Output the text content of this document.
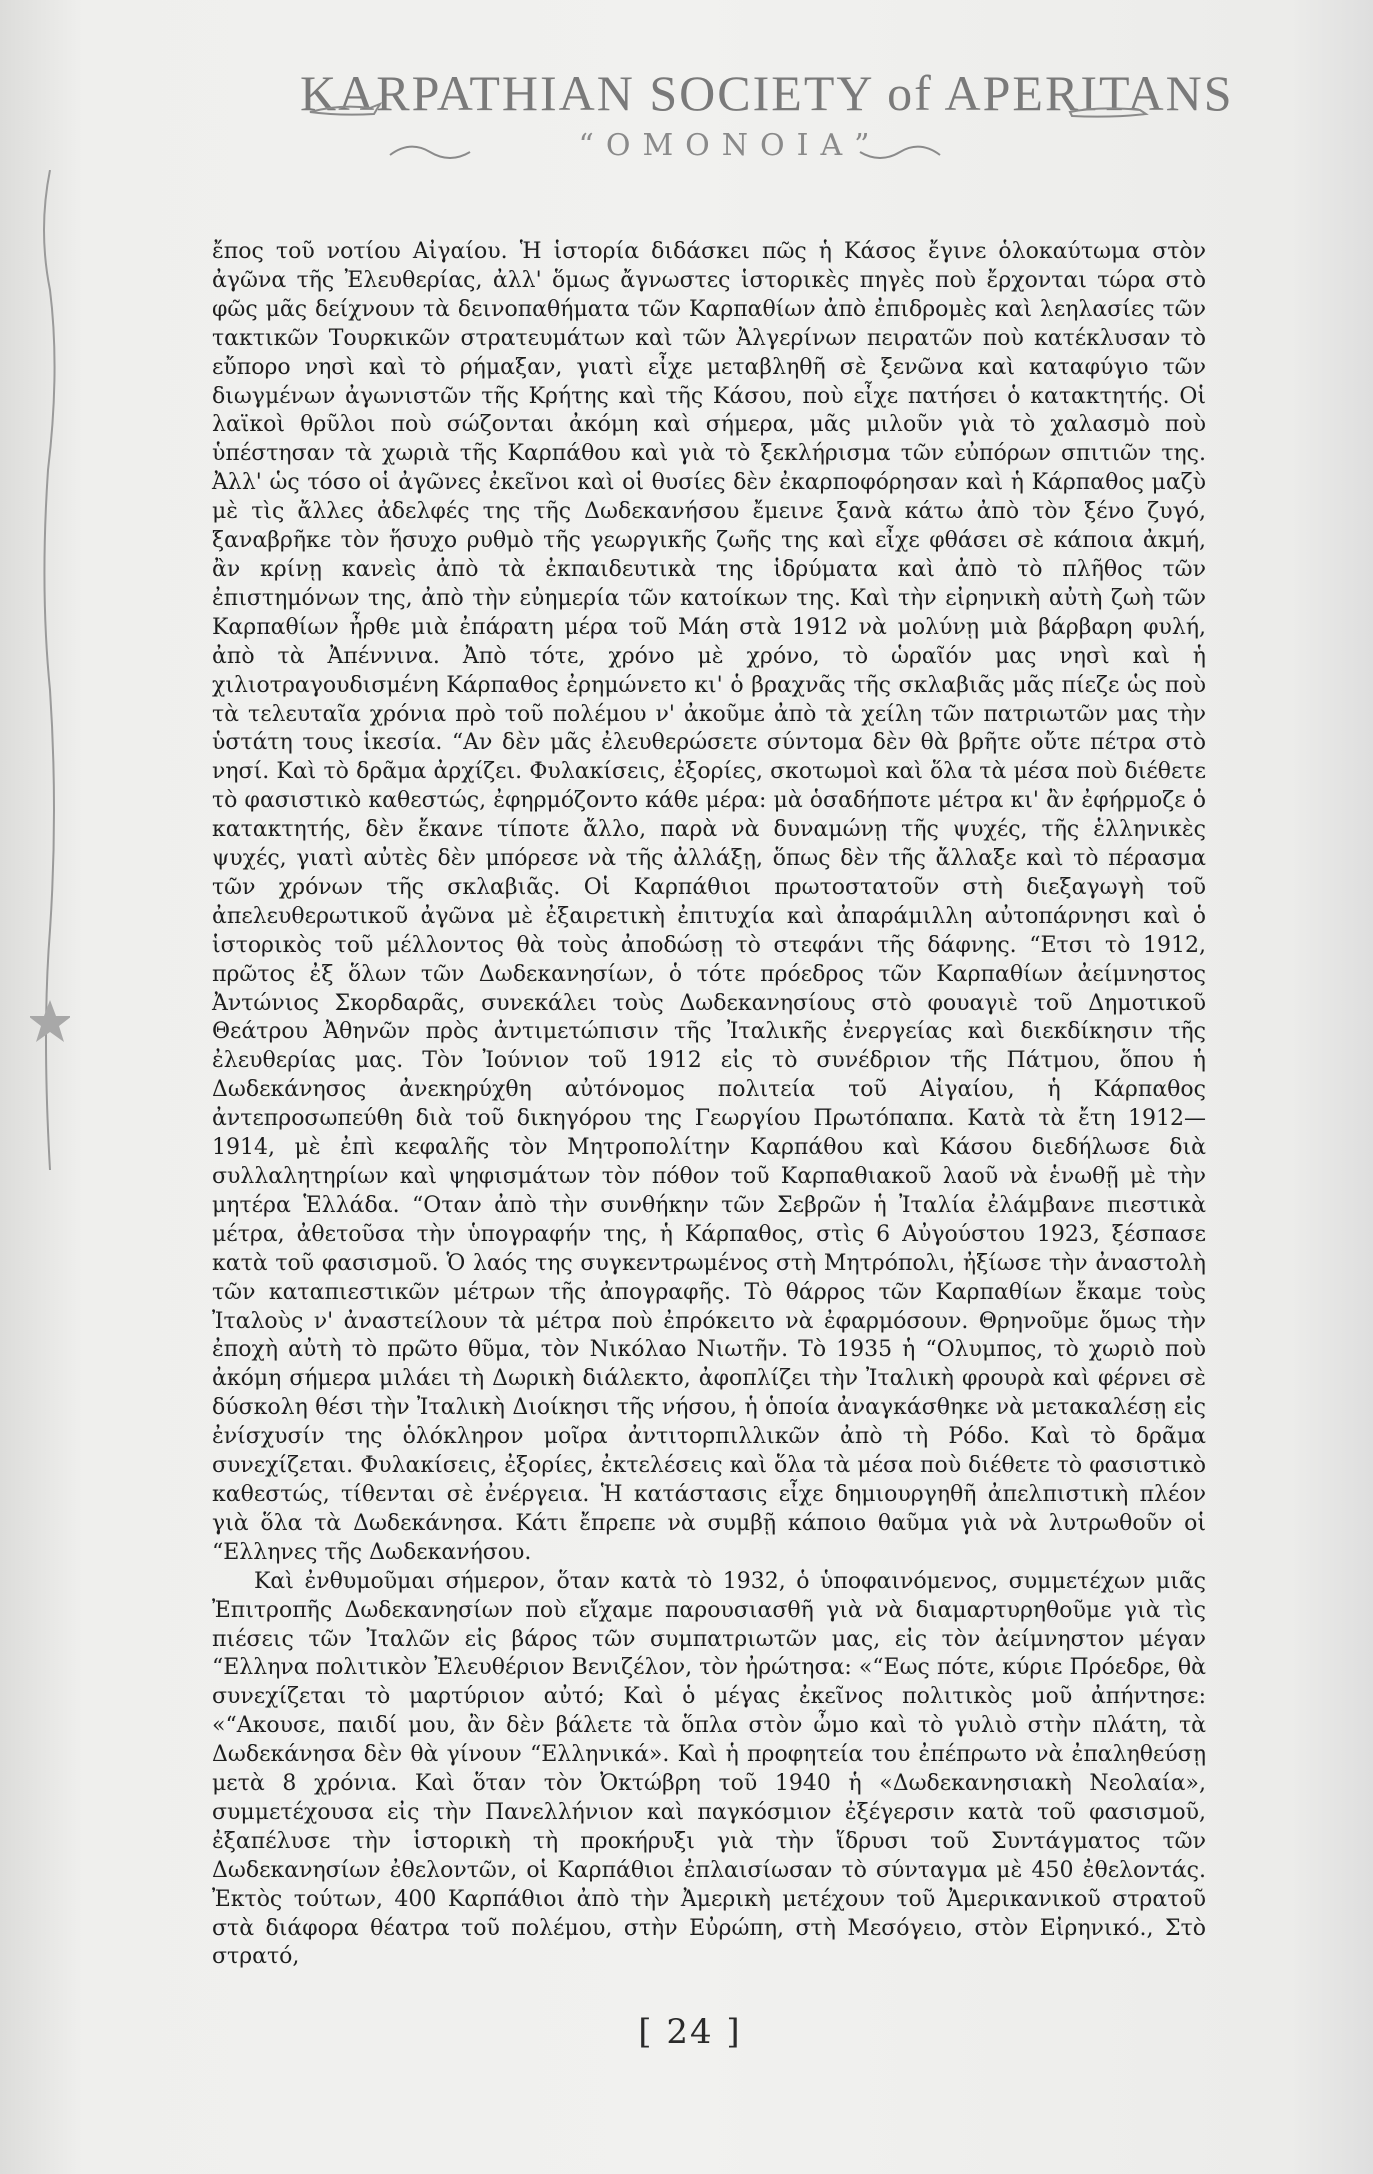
KARPATHIAN SOCIETY of APERITANS
“ΟΜΟΝΟΙΑ”

ἔπος τοῦ νοτίου Αἰγαίου. Ἡ ἱστορία διδάσκει πῶς ἡ Κάσος ἔγινε ὁλοκαύτωμα στὸν ἀγῶνα τῆς Ἐλευθερίας, ἀλλ' ὅμως ἄγνωστες ἱστορικὲς πηγὲς ποὺ ἔρχονται τώρα στὸ φῶς μᾶς δείχνουν τὰ δεινοπαθήματα τῶν Καρπαθίων ἀπὸ ἐπιδρομὲς καὶ λεηλασίες τῶν τακτικῶν Τουρκικῶν στρατευμάτων καὶ τῶν Ἀλγερίνων πειρατῶν ποὺ κατέκλυσαν τὸ εὔπορο νησὶ καὶ τὸ ρήμαξαν, γιατὶ εἶχε μεταβληθῆ σὲ ξενῶνα καὶ καταφύγιο τῶν διωγμένων ἀγωνιστῶν τῆς Κρήτης καὶ τῆς Κάσου, ποὺ εἶχε πατήσει ὁ κατακτητής. Οἱ λαϊκοὶ θρῦλοι ποὺ σώζονται ἀκόμη καὶ σήμερα, μᾶς μιλοῦν γιὰ τὸ χαλασμὸ ποὺ ὑπέστησαν τὰ χωριὰ τῆς Καρπάθου καὶ γιὰ τὸ ξεκλήρισμα τῶν εὐπόρων σπιτιῶν της. Ἀλλ' ὡς τόσο οἱ ἀγῶνες ἐκεῖνοι καὶ οἱ θυσίες δὲν ἐκαρποφόρησαν καὶ ἡ Κάρπαθος μαζὺ μὲ τὶς ἄλλες ἀδελφές της τῆς Δωδεκανήσου ἔμεινε ξανὰ κάτω ἀπὸ τὸν ξένο ζυγό, ξαναβρῆκε τὸν ἥσυχο ρυθμὸ τῆς γεωργικῆς ζωῆς της καὶ εἶχε φθάσει σὲ κάποια ἀκμή, ἂν κρίνῃ κανεὶς ἀπὸ τὰ ἐκπαιδευτικὰ της ἱδρύματα καὶ ἀπὸ τὸ πλῆθος τῶν ἐπιστημόνων της, ἀπὸ τὴν εὐημερία τῶν κατοίκων της. Καὶ τὴν εἰρηνικὴ αὐτὴ ζωὴ τῶν Καρπαθίων ἦρθε μιὰ ἐπάρατη μέρα τοῦ Μάη στὰ 1912 νὰ μολύνῃ μιὰ βάρβαρη φυλή, ἀπὸ τὰ Ἀπέννινα. Ἀπὸ τότε, χρόνο μὲ χρόνο, τὸ ὡραῖόν μας νησὶ καὶ ἡ χιλιοτραγουδισμένη Κάρπαθος ἐρημώνετο κι' ὁ βραχνᾶς τῆς σκλαβιᾶς μᾶς πίεζε ὡς ποὺ τὰ τελευταῖα χρόνια πρὸ τοῦ πολέμου ν' ἀκοῦμε ἀπὸ τὰ χείλη τῶν πατριωτῶν μας τὴν ὑστάτη τους ἱκεσία. “Αν δὲν μᾶς ἐλευθερώσετε σύντομα δὲν θὰ βρῆτε οὔτε πέτρα στὸ νησί. Καὶ τὸ δρᾶμα ἀρχίζει. Φυλακίσεις, ἐξορίες, σκοτωμοὶ καὶ ὅλα τὰ μέσα ποὺ διέθετε τὸ φασιστικὸ καθεστώς, ἐφηρμόζοντο κάθε μέρα: μὰ ὁσαδήποτε μέτρα κι' ἂν ἐφήρμοζε ὁ κατακτητής, δὲν ἔκανε τίποτε ἄλλο, παρὰ νὰ δυναμώνῃ τῆς ψυχές, τῆς ἑλληνικὲς ψυχές, γιατὶ αὐτὲς δὲν μπόρεσε νὰ τῆς ἀλλάξῃ, ὅπως δὲν τῆς ἄλλαξε καὶ τὸ πέρασμα τῶν χρόνων τῆς σκλαβιᾶς. Οἱ Καρπάθιοι πρωτοστατοῦν στὴ διεξαγωγὴ τοῦ ἀπελευθερωτικοῦ ἀγῶνα μὲ ἐξαιρετικὴ ἐπιτυχία καὶ ἀπαράμιλλη αὐτοπάρνησι καὶ ὁ ἱστορικὸς τοῦ μέλλοντος θὰ τοὺς ἀποδώσῃ τὸ στεφάνι τῆς δάφνης. “Ετσι τὸ 1912, πρῶτος ἐξ ὅλων τῶν Δωδεκανησίων, ὁ τότε πρόεδρος τῶν Καρπαθίων ἀείμνηστος Ἀντώνιος Σκορδαρᾶς, συνεκάλει τοὺς Δωδεκανησίους στὸ φουαγιὲ τοῦ Δημοτικοῦ Θεάτρου Ἀθηνῶν πρὸς ἀντιμετώπισιν τῆς Ἰταλικῆς ἐνεργείας καὶ διεκδίκησιν τῆς ἐλευθερίας μας. Τὸν Ἰούνιον τοῦ 1912 εἰς τὸ συνέδριον τῆς Πάτμου, ὅπου ἡ Δωδεκάνησος ἀνεκηρύχθη αὐτόνομος πολιτεία τοῦ Αἰγαίου, ἡ Κάρπαθος ἀντεπροσωπεύθη διὰ τοῦ δικηγόρου της Γεωργίου Πρωτόπαπα. Κατὰ τὰ ἔτη 1912—1914, μὲ ἐπὶ κεφαλῆς τὸν Μητροπολίτην Καρπάθου καὶ Κάσου διεδήλωσε διὰ συλλαλητηρίων καὶ ψηφισμάτων τὸν πόθον τοῦ Καρπαθιακοῦ λαοῦ νὰ ἑνωθῇ μὲ τὴν μητέρα Ἑλλάδα. “Οταν ἀπὸ τὴν συνθήκην τῶν Σεβρῶν ἡ Ἰταλία ἐλάμβανε πιεστικὰ μέτρα, ἀθετοῦσα τὴν ὑπογραφήν της, ἡ Κάρπαθος, στὶς 6 Αὐγούστου 1923, ξέσπασε κατὰ τοῦ φασισμοῦ. Ὁ λαός της συγκεντρωμένος στὴ Μητρόπολι, ἠξίωσε τὴν ἀναστολὴ τῶν καταπιεστικῶν μέτρων τῆς ἀπογραφῆς. Τὸ θάρρος τῶν Καρπαθίων ἔκαμε τοὺς Ἰταλοὺς ν' ἀναστείλουν τὰ μέτρα ποὺ ἐπρόκειτο νὰ ἐφαρμόσουν. Θρηνοῦμε ὅμως τὴν ἐποχὴ αὐτὴ τὸ πρῶτο θῦμα, τὸν Νικόλαο Νιωτῆν. Τὸ 1935 ἡ “Ολυμπος, τὸ χωριὸ ποὺ ἀκόμη σήμερα μιλάει τὴ Δωρικὴ διάλεκτο, ἀφοπλίζει τὴν Ἰταλικὴ φρουρὰ καὶ φέρνει σὲ δύσκολη θέσι τὴν Ἰταλικὴ Διοίκησι τῆς νήσου, ἡ ὁποία ἀναγκάσθηκε νὰ μετακαλέσῃ εἰς ἐνίσχυσίν της ὁλόκληρον μοῖρα ἀντιτορπιλλικῶν ἀπὸ τὴ Ρόδο. Καὶ τὸ δρᾶμα συνεχίζεται. Φυλακίσεις, ἐξορίες, ἐκτελέσεις καὶ ὅλα τὰ μέσα ποὺ διέθετε τὸ φασιστικὸ καθεστώς, τίθενται σὲ ἐνέργεια. Ἡ κατάστασις εἶχε δημιουργηθῆ ἀπελπιστικὴ πλέον γιὰ ὅλα τὰ Δωδεκάνησα. Κάτι ἔπρεπε νὰ συμβῇ κάποιο θαῦμα γιὰ νὰ λυτρωθοῦν οἱ “Ελληνες τῆς Δωδεκανήσου.

Καὶ ἐνθυμοῦμαι σήμερον, ὅταν κατὰ τὸ 1932, ὁ ὑποφαινόμενος, συμμετέχων μιᾶς Ἐπιτροπῆς Δωδεκανησίων ποὺ εἴχαμε παρουσιασθῆ γιὰ νὰ διαμαρτυρηθοῦμε γιὰ τὶς πιέσεις τῶν Ἰταλῶν εἰς βάρος τῶν συμπατριωτῶν μας, εἰς τὸν ἀείμνηστον μέγαν “Ελληνα πολιτικὸν Ἐλευθέριον Βενιζέλον, τὸν ἠρώτησα: «“Εως πότε, κύριε Πρόεδρε, θὰ συνεχίζεται τὸ μαρτύριον αὐτό; Καὶ ὁ μέγας ἐκεῖνος πολιτικὸς μοῦ ἀπήντησε: «“Ακουσε, παιδί μου, ἂν δὲν βάλετε τὰ ὅπλα στὸν ὦμο καὶ τὸ γυλιὸ στὴν πλάτη, τὰ Δωδεκάνησα δὲν θὰ γίνουν “Ελληνικά». Καὶ ἡ προφητεία του ἐπέπρωτο νὰ ἐπαληθεύσῃ μετὰ 8 χρόνια. Καὶ ὅταν τὸν Ὀκτώβρη τοῦ 1940 ἡ «Δωδεκανησιακὴ Νεολαία», συμμετέχουσα εἰς τὴν Πανελλήνιον καὶ παγκόσμιον ἐξέγερσιν κατὰ τοῦ φασισμοῦ, ἐξαπέλυσε τὴν ἱστορικὴ τὴ προκήρυξι γιὰ τὴν ἵδρυσι τοῦ Συντάγματος τῶν Δωδεκανησίων ἐθελοντῶν, οἱ Καρπάθιοι ἐπλαισίωσαν τὸ σύνταγμα μὲ 450 ἐθελοντάς. Ἐκτὸς τούτων, 400 Καρπάθιοι ἀπὸ τὴν Ἀμερικὴ μετέχουν τοῦ Ἀμερικανικοῦ στρατοῦ στὰ διάφορα θέατρα τοῦ πολέμου, στὴν Εὐρώπη, στὴ Μεσόγειο, στὸν Εἰρηνικό., Στὸ στρατό,

[ 24 ]
